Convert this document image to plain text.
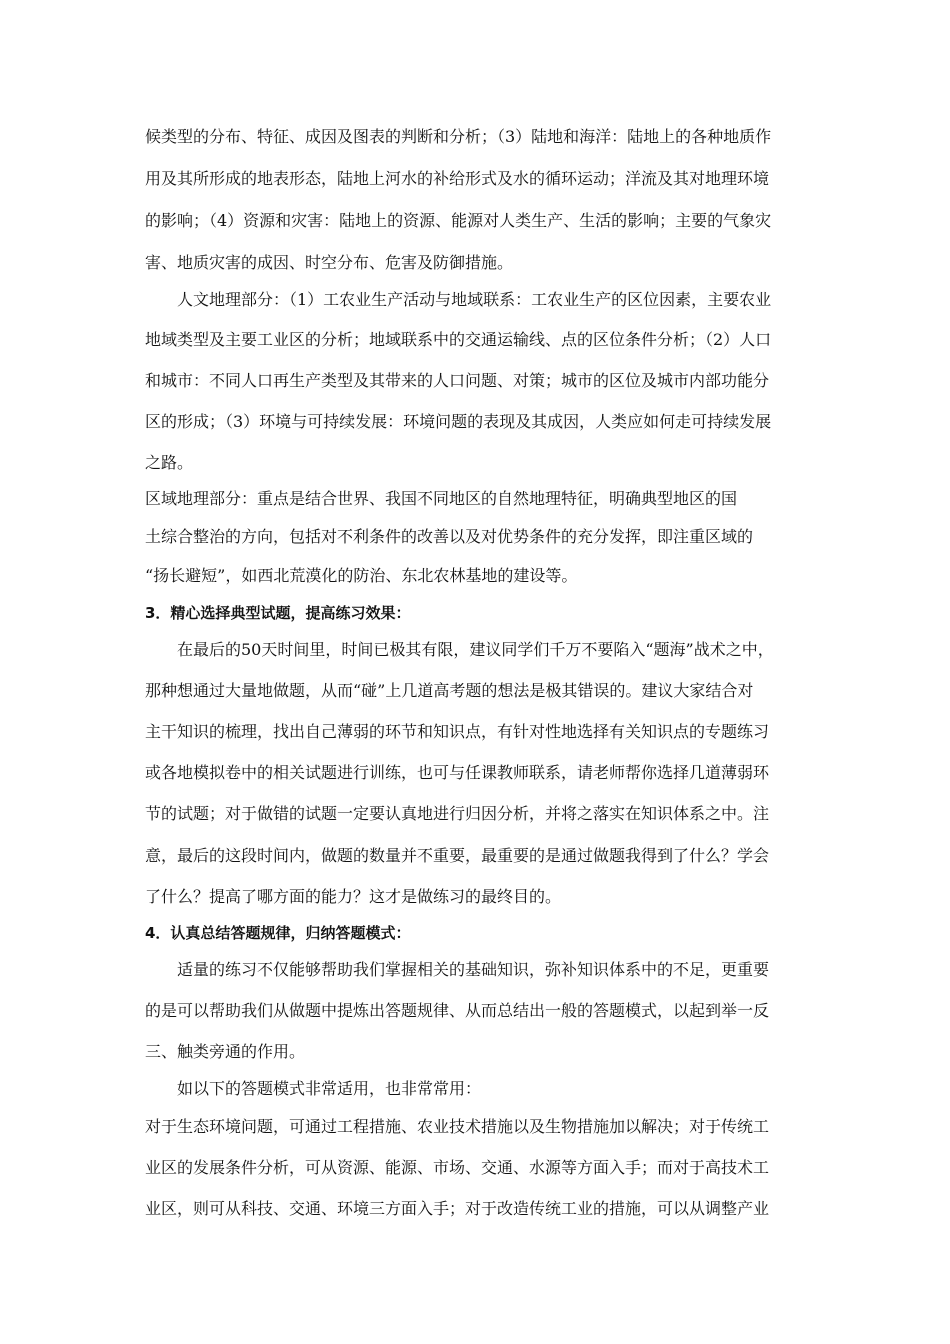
候类型的分布、特征、成因及图表的判断和分析；（3）陆地和海洋：陆地上的各种地质作
用及其所形成的地表形态，陆地上河水的补给形式及水的循环运动；洋流及其对地理环境
的影响；（4）资源和灾害：陆地上的资源、能源对人类生产、生活的影响；主要的气象灾
害、地质灾害的成因、时空分布、危害及防御措施。
人文地理部分：（1）工农业生产活动与地域联系：工农业生产的区位因素，主要农业
地域类型及主要工业区的分析；地域联系中的交通运输线、点的区位条件分析；（2）人口
和城市：不同人口再生产类型及其带来的人口问题、对策；城市的区位及城市内部功能分
区的形成；（3）环境与可持续发展：环境问题的表现及其成因，人类应如何走可持续发展
之路。
区域地理部分：重点是结合世界、我国不同地区的自然地理特征，明确典型地区的国
土综合整治的方向，包括对不利条件的改善以及对优势条件的充分发挥，即注重区域的
“扬长避短”，如西北荒漠化的防治、东北农林基地的建设等。
3．精心选择典型试题，提高练习效果：
在最后的50天时间里，时间已极其有限，建议同学们千万不要陷入“题海”战术之中，
那种想通过大量地做题，从而“碰”上几道高考题的想法是极其错误的。建议大家结合对
主干知识的梳理，找出自己薄弱的环节和知识点，有针对性地选择有关知识点的专题练习
或各地模拟卷中的相关试题进行训练，也可与任课教师联系，请老师帮你选择几道薄弱环
节的试题；对于做错的试题一定要认真地进行归因分析，并将之落实在知识体系之中。注
意，最后的这段时间内，做题的数量并不重要，最重要的是通过做题我得到了什么？学会
了什么？提高了哪方面的能力？这才是做练习的最终目的。
4．认真总结答题规律，归纳答题模式：
适量的练习不仅能够帮助我们掌握相关的基础知识，弥补知识体系中的不足，更重要
的是可以帮助我们从做题中提炼出答题规律、从而总结出一般的答题模式，以起到举一反
三、触类旁通的作用。
如以下的答题模式非常适用，也非常常用：
对于生态环境问题，可通过工程措施、农业技术措施以及生物措施加以解决；对于传统工
业区的发展条件分析，可从资源、能源、市场、交通、水源等方面入手；而对于高技术工
业区，则可从科技、交通、环境三方面入手；对于改造传统工业的措施，可以从调整产业
